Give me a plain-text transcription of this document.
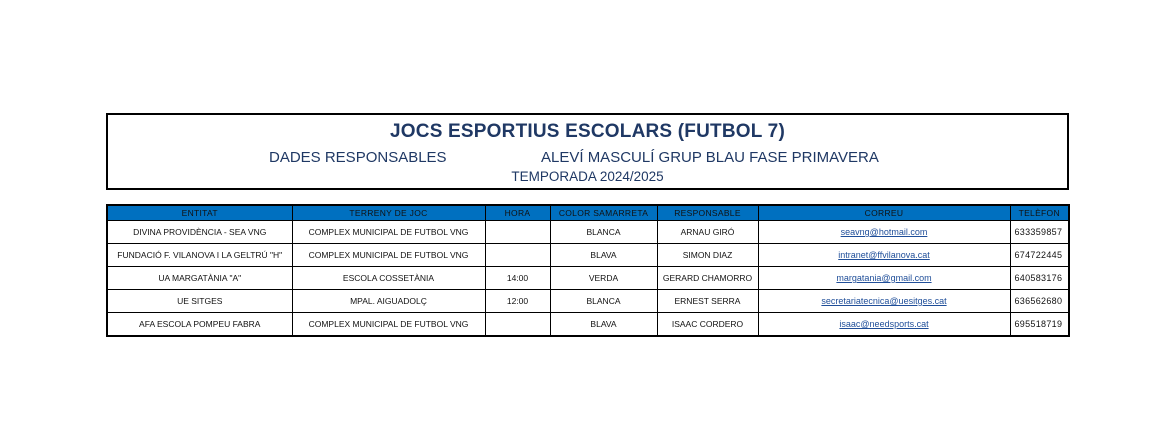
JOCS ESPORTIUS ESCOLARS (FUTBOL 7)
DADES RESPONSABLES	ALEVÍ MASCULÍ GRUP BLAU FASE PRIMAVERA
TEMPORADA 2024/2025
ENTITAT	TERRENY DE JOC	HORA	COLOR SAMARRETA	RESPONSABLE	CORREU	TELÈFON
DIVINA PROVIDÈNCIA - SEA VNG	COMPLEX MUNICIPAL DE FUTBOL VNG		BLANCA	ARNAU GIRÓ	seavng@hotmail.com	633359857
FUNDACIÓ F. VILANOVA I LA GELTRÚ "H"	COMPLEX MUNICIPAL DE FUTBOL VNG		BLAVA	SIMON DIAZ	intranet@ffvilanova.cat	674722445
UA MARGATÀNIA "A"	ESCOLA COSSETÀNIA	14:00	VERDA	GERARD CHAMORRO	margatania@gmail.com	640583176
UE SITGES	MPAL. AIGUADOLÇ	12:00	BLANCA	ERNEST SERRA	secretariatecnica@uesitges.cat	636562680
AFA ESCOLA POMPEU FABRA	COMPLEX MUNICIPAL DE FUTBOL VNG		BLAVA	ISAAC CORDERO	isaac@needsports.cat	695518719
